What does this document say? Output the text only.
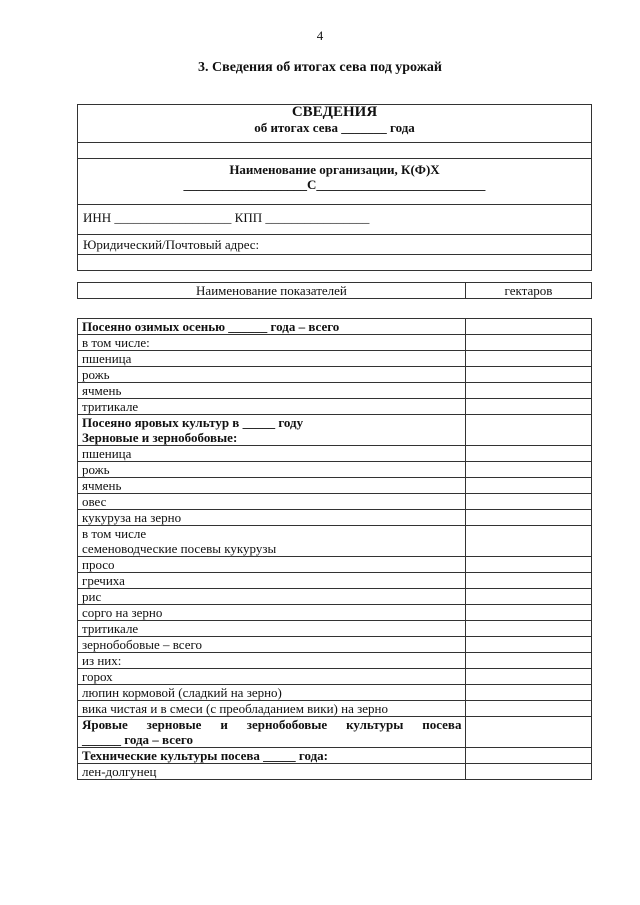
4
3. Сведения об итогах сева под урожай
СВЕДЕНИЯ
об итогах сева _______ года

Наименование организации, К(Ф)Х
___________________С__________________________

ИНН __________________ КПП ________________

Юридический/Почтовый адрес:

Наименование показателей	гектаров
Посеяно озимых осенью ______ года – всего	

в том числе:	

пшеница	

рожь	

ячмень	

тритикале	

Посеяно яровых культур в _____ году
Зерновые и зернобобовые:	

пшеница	

рожь	

ячмень	

овес	

кукуруза на зерно	

в том числе
семеноводческие посевы кукурузы	

просо	

гречиха	

рис	

сорго на зерно	

тритикале	

зернобобовые – всего	

из них:	

горох	

люпин кормовой (сладкий на зерно)	

вика чистая и в смеси (с преобладанием вики) на зерно	

Яровые зерновые и зернобобовые культуры посева
______ года – всего	

Технические культуры посева _____ года:	

лен-долгунец	
